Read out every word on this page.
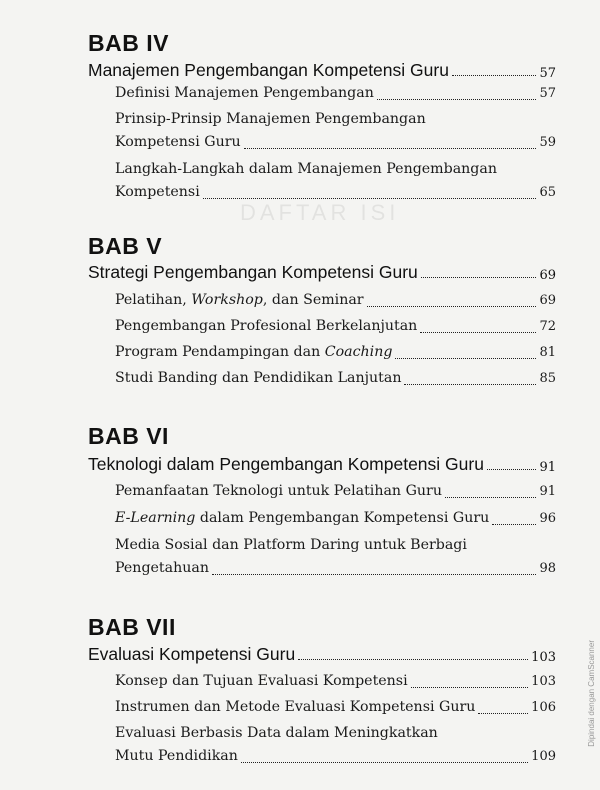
DAFTAR ISI
BAB IV
Manajemen Pengembangan Kompetensi Guru	57
Definisi Manajemen Pengembangan	57
Prinsip-Prinsip Manajemen Pengembangan
Kompetensi Guru	59
Langkah-Langkah dalam Manajemen Pengembangan
Kompetensi	65
BAB V
Strategi Pengembangan Kompetensi Guru	69
Pelatihan, Workshop, dan Seminar	69
Pengembangan Profesional Berkelanjutan	72
Program Pendampingan dan Coaching	81
Studi Banding dan Pendidikan Lanjutan	85
BAB VI
Teknologi dalam Pengembangan Kompetensi Guru	91
Pemanfaatan Teknologi untuk Pelatihan Guru	91
E-Learning dalam Pengembangan Kompetensi Guru	96
Media Sosial dan Platform Daring untuk Berbagi
Pengetahuan	98
BAB VII
Evaluasi Kompetensi Guru	103
Konsep dan Tujuan Evaluasi Kompetensi	103
Instrumen dan Metode Evaluasi Kompetensi Guru	106
Evaluasi Berbasis Data dalam Meningkatkan
Mutu Pendidikan	109
Dipindai dengan CamScanner
